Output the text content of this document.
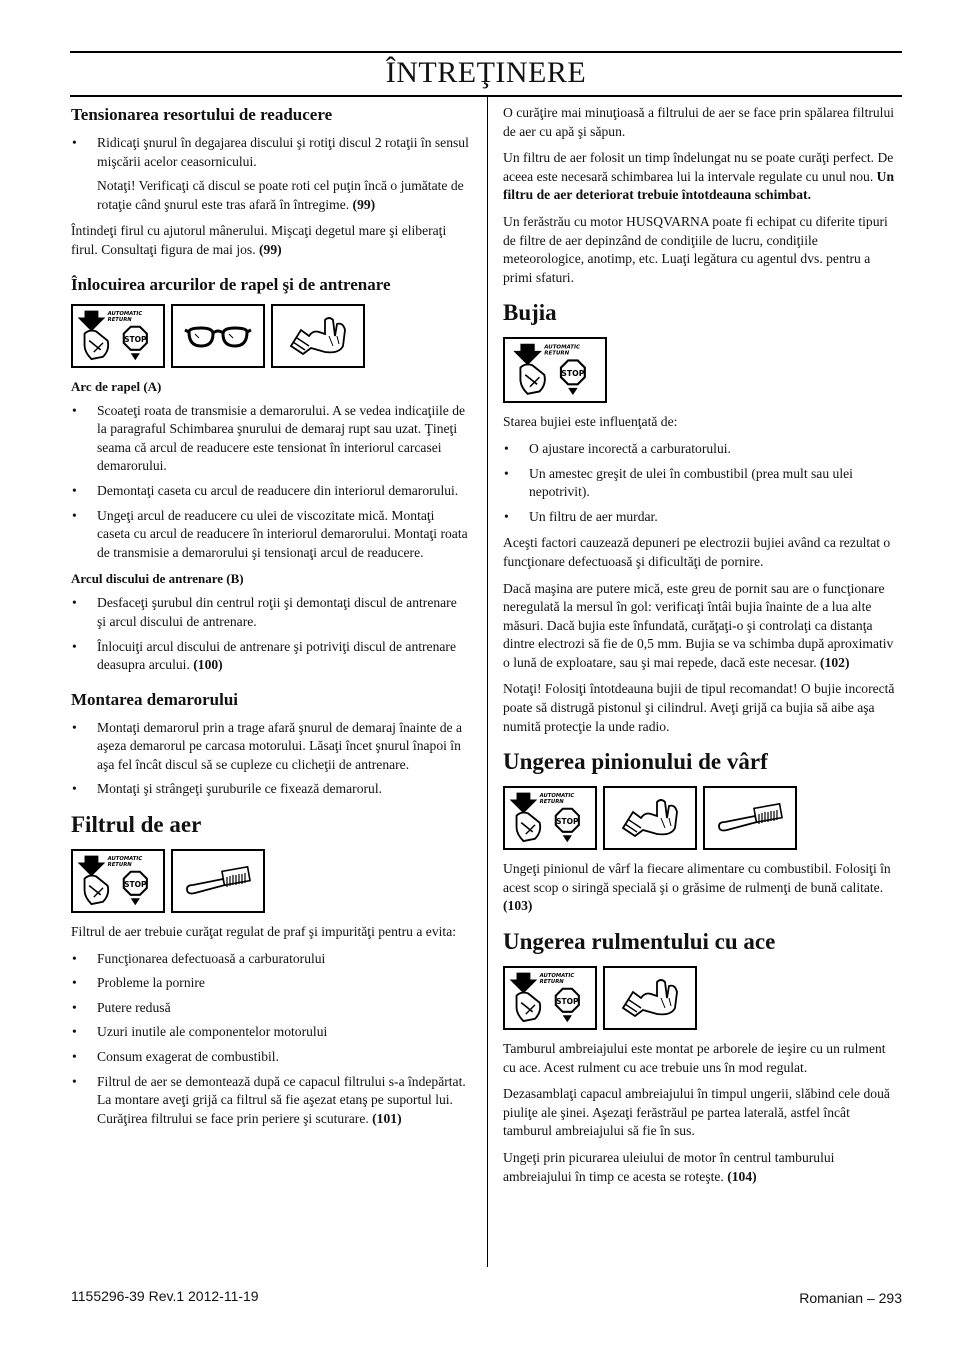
ÎNTREŢINERE
Tensionarea resortului de readucere
• Ridicaţi şnurul în degajarea discului şi rotiţi discul 2 rotaţii în sensul mişcării acelor ceasornicului.

Notaţi! Verificaţi că discul se poate roti cel puţin încă o jumătate de rotaţie când şnurul este tras afară în întregime. (99)

Întindeţi firul cu ajutorul mânerului. Mişcaţi degetul mare şi eliberaţi firul. Consultaţi figura de mai jos. (99)

Înlocuirea arcurilor de rapel şi de antrenare
Arc de rapel (A)
• Scoateţi roata de transmisie a demarorului. A se vedea indicaţiile de la paragraful Schimbarea şnurului de demaraj rupt sau uzat. Ţineţi seama că arcul de readucere este tensionat în interiorul carcasei demarorului.
• Demontaţi caseta cu arcul de readucere din interiorul demarorului.
• Ungeţi arcul de readucere cu ulei de viscozitate mică. Montaţi caseta cu arcul de readucere în interiorul demarorului. Montaţi roata de transmisie a demarorului şi tensionaţi arcul de readucere.
Arcul discului de antrenare (B)
• Desfaceţi şurubul din centrul roţii şi demontaţi discul de antrenare şi arcul discului de antrenare.
• Înlocuiţi arcul discului de antrenare şi potriviţi discul de antrenare deasupra arcului. (100)
Montarea demarorului
• Montaţi demarorul prin a trage afară şnurul de demaraj înainte de a aşeza demarorul pe carcasa motorului. Lăsaţi încet şnurul înapoi în aşa fel încât discul să se cupleze cu clicheţii de antrenare.
• Montaţi şi strângeţi şuruburile ce fixează demarorul.
Filtrul de aer

Filtrul de aer trebuie curăţat regulat de praf şi impurităţi pentru a evita:

• Funcţionarea defectuoasă a carburatorului
• Probleme la pornire
• Putere redusă
• Uzuri inutile ale componentelor motorului
• Consum exagerat de combustibil.
• Filtrul de aer se demontează după ce capacul filtrului s-a îndepărtat. La montare aveţi grijă ca filtrul să fie aşezat etanş pe suportul lui. Curăţirea filtrului se face prin periere şi scuturare. (101)

O curăţire mai minuţioasă a filtrului de aer se face prin spălarea filtrului de aer cu apă şi săpun.

Un filtru de aer folosit un timp îndelungat nu se poate curăţi perfect. De aceea este necesară schimbarea lui la intervale regulate cu unul nou. Un filtru de aer deteriorat trebuie întotdeauna schimbat.

Un ferăstrău cu motor HUSQVARNA poate fi echipat cu diferite tipuri de filtre de aer depinzând de condiţiile de lucru, condiţiile meteorologice, anotimp, etc. Luaţi legătura cu agentul dvs. pentru a primi sfaturi.

Bujia

Starea bujiei este influenţată de:

• O ajustare incorectă a carburatorului.
• Un amestec greşit de ulei în combustibil (prea mult sau ulei nepotrivit).
• Un filtru de aer murdar.

Aceşti factori cauzează depuneri pe electrozii bujiei având ca rezultat o funcţionare defectuoasă şi dificultăţi de pornire.

Dacă maşina are putere mică, este greu de pornit sau are o funcţionare neregulată la mersul în gol: verificaţi întâi bujia înainte de a lua alte măsuri. Dacă bujia este înfundată, curăţaţi-o şi controlaţi ca distanţa dintre electrozi să fie de 0,5 mm. Bujia se va schimba după aproximativ o lună de exploatare, sau şi mai repede, dacă este necesar. (102)

Notaţi! Folosiţi întotdeauna bujii de tipul recomandat! O bujie incorectă poate să distrugă pistonul şi cilindrul. Aveţi grijă ca bujia să aibe aşa numită protecţie la unde radio.

Ungerea pinionului de vârf

Ungeţi pinionul de vârf la fiecare alimentare cu combustibil. Folosiţi în acest scop o siringă specială şi o grăsime de rulmenţi de bună calitate. (103)

Ungerea rulmentului cu ace

Tamburul ambreiajului este montat pe arborele de ieşire cu un rulment cu ace. Acest rulment cu ace trebuie uns în mod regulat.

Dezasamblaţi capacul ambreiajului în timpul ungerii, slăbind cele două piuliţe ale şinei. Aşezaţi ferăstrăul pe partea laterală, astfel încât tamburul ambreiajului să fie în sus.

Ungeţi prin picurarea uleiului de motor în centrul tamburului ambreiajului în timp ce acesta se roteşte. (104)

1155296-39 Rev.1 2012-11-19	Romanian – 293
